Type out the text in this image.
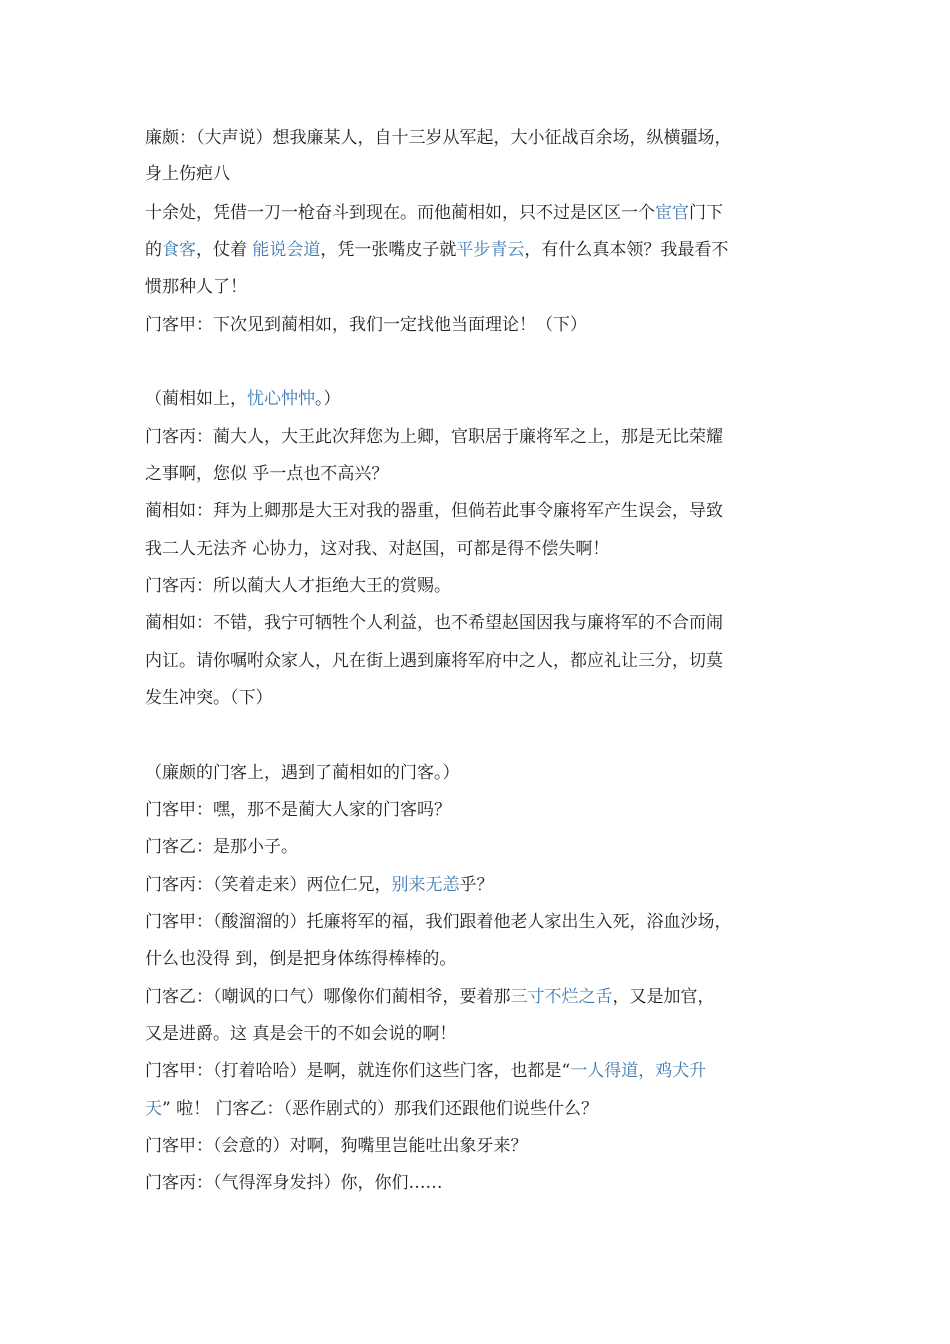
廉颇：（大声说）想我廉某人，自十三岁从军起，大小征战百余场，纵横疆场，
身上伤疤八
十余处，凭借一刀一枪奋斗到现在。而他蔺相如，只不过是区区一个宦官门下
的食客，仗着 能说会道，凭一张嘴皮子就平步青云，有什么真本领？我最看不
惯那种人了！
门客甲：下次见到蔺相如，我们一定找他当面理论！（下）
（蔺相如上，忧心忡忡。）
门客丙：蔺大人，大王此次拜您为上卿，官职居于廉将军之上，那是无比荣耀
之事啊，您似 乎一点也不高兴？
蔺相如：拜为上卿那是大王对我的器重，但倘若此事令廉将军产生误会，导致
我二人无法齐 心协力，这对我、对赵国，可都是得不偿失啊！
门客丙：所以蔺大人才拒绝大王的赏赐。
蔺相如：不错，我宁可牺牲个人利益，也不希望赵国因我与廉将军的不合而闹
内讧。请你嘱咐众家人，凡在街上遇到廉将军府中之人，都应礼让三分，切莫
发生冲突。（下）
（廉颇的门客上，遇到了蔺相如的门客。）
门客甲：嘿，那不是蔺大人家的门客吗？
门客乙：是那小子。
门客丙：（笑着走来）两位仁兄，别来无恙乎？
门客甲：（酸溜溜的）托廉将军的福，我们跟着他老人家出生入死，浴血沙场，
什么也没得 到，倒是把身体练得棒棒的。
门客乙：（嘲讽的口气）哪像你们蔺相爷，要着那三寸不烂之舌，又是加官，
又是进爵。这 真是会干的不如会说的啊！
门客甲：（打着哈哈）是啊，就连你们这些门客，也都是“一人得道，鸡犬升
天” 啦！ 门客乙：（恶作剧式的）那我们还跟他们说些什么？
门客甲：（会意的）对啊，狗嘴里岂能吐出象牙来？
门客丙：（气得浑身发抖）你，你们……
